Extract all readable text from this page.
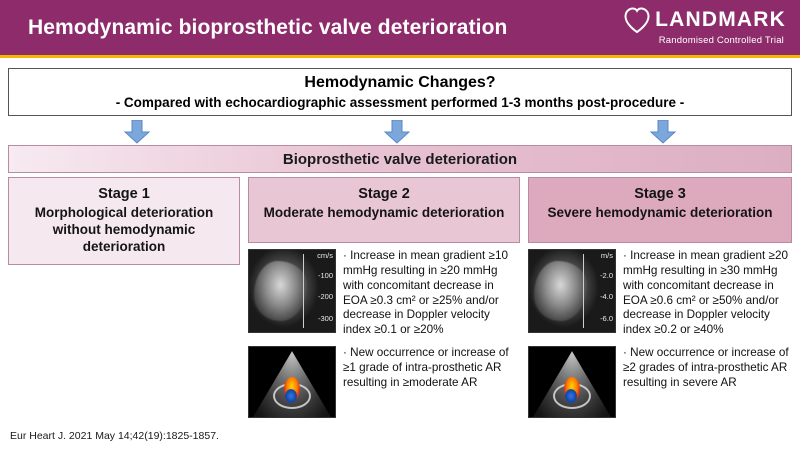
Hemodynamic bioprosthetic valve deterioration	LANDMARK
Randomised Controlled Trial
Hemodynamic Changes?
- Compared with echocardiographic assessment performed 1-3 months post-procedure -
Bioprosthetic valve deterioration
Stage 1
Morphological deterioration without hemodynamic deterioration
Stage 2
Moderate hemodynamic deterioration
cm/s
-100
-200
-300
· Increase in mean gradient ≥10 mmHg resulting in ≥20 mmHg with concomitant decrease in EOA ≥0.3 cm² or ≥25% and/or decrease in Doppler velocity index ≥0.1 or ≥20%
· New occurrence or increase of ≥1 grade of intra-prosthetic AR resulting in ≥moderate AR
Stage 3
Severe hemodynamic deterioration
m/s
-2.0
-4.0
-6.0
· Increase in mean gradient ≥20 mmHg resulting in ≥30 mmHg with concomitant decrease in EOA ≥0.6 cm² or ≥50% and/or decrease in Doppler velocity index ≥0.2 or ≥40%
· New occurrence or increase of ≥2 grades of intra-prosthetic AR resulting in severe AR
Eur Heart J. 2021 May 14;42(19):1825-1857.
